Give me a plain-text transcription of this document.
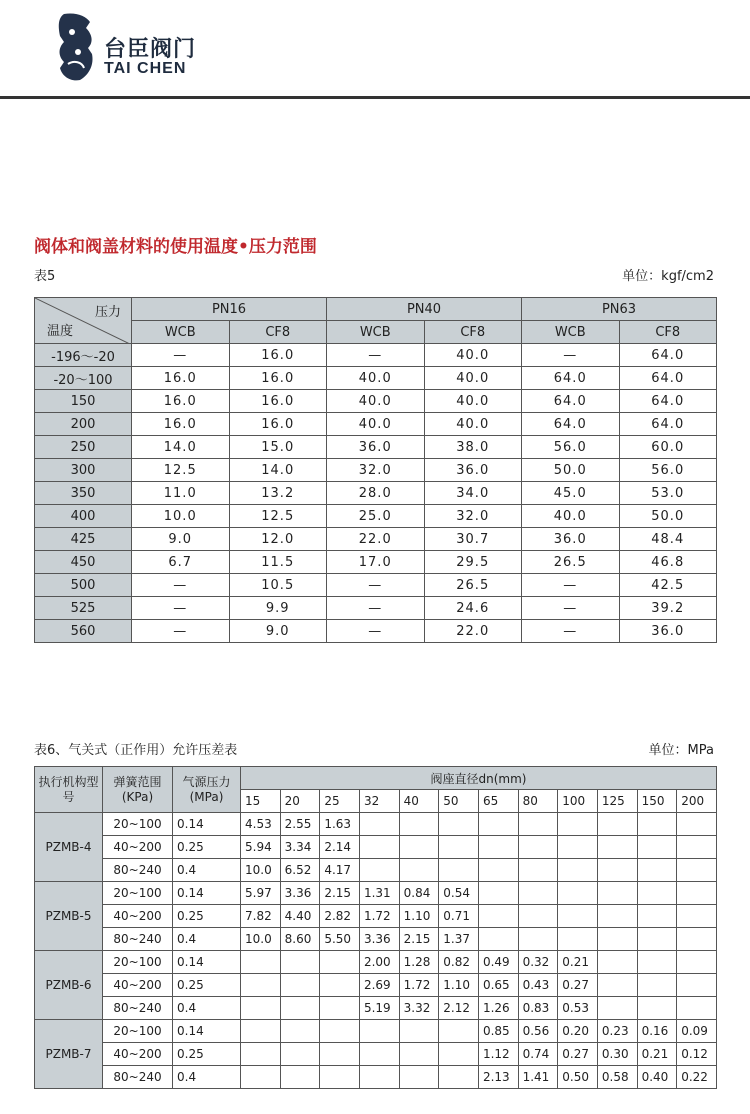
台臣阀门
TAI CHEN
阀体和阀盖材料的使用温度•压力范围
表5	单位：kgf/cm2
压力
温度	PN16		PN40		PN63	
	WCB	CF8	WCB	CF8	WCB	CF8
-196～-20	—	16.0	—	40.0	—	64.0
-20～100	16.0	16.0	40.0	40.0	64.0	64.0
150	16.0	16.0	40.0	40.0	64.0	64.0
200	16.0	16.0	40.0	40.0	64.0	64.0
250	14.0	15.0	36.0	38.0	56.0	60.0
300	12.5	14.0	32.0	36.0	50.0	56.0
350	11.0	13.2	28.0	34.0	45.0	53.0
400	10.0	12.5	25.0	32.0	40.0	50.0
425	9.0	12.0	22.0	30.7	36.0	48.4
450	6.7	11.5	17.0	29.5	26.5	46.8
500	—	10.5	—	26.5	—	42.5
525	—	9.9	—	24.6	—	39.2
560	—	9.0	—	22.0	—	36.0
表6、气关式（正作用）允许压差表	单位：MPa
执行机构型号	弹簧范围(KPa)	气源压力(MPa)	阀座直径dn(mm)											
			15	20	25	32	40	50	65	80	100	125	150	200
PZMB-4	20~100	0.14	4.53	2.55	1.63									
	40~200	0.25	5.94	3.34	2.14									
	80~240	0.4	10.0	6.52	4.17									
PZMB-5	20~100	0.14	5.97	3.36	2.15	1.31	0.84	0.54						
	40~200	0.25	7.82	4.40	2.82	1.72	1.10	0.71						
	80~240	0.4	10.0	8.60	5.50	3.36	2.15	1.37						
PZMB-6	20~100	0.14				2.00	1.28	0.82	0.49	0.32	0.21			
	40~200	0.25				2.69	1.72	1.10	0.65	0.43	0.27			
	80~240	0.4				5.19	3.32	2.12	1.26	0.83	0.53			
PZMB-7	20~100	0.14							0.85	0.56	0.20	0.23	0.16	0.09
	40~200	0.25							1.12	0.74	0.27	0.30	0.21	0.12
	80~240	0.4							2.13	1.41	0.50	0.58	0.40	0.22
